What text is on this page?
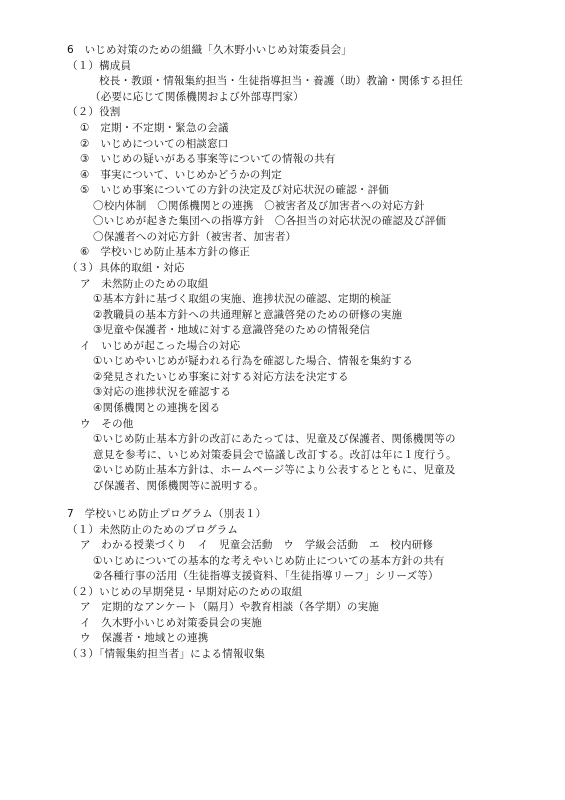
6　いじめ対策のための組織「久木野小いじめ対策委員会」
（１）構成員
校長・教頭・情報集約担当・生徒指導担当・養護（助）教諭・関係する担任
（必要に応じて関係機関および外部専門家）
（２）役割
①　定期・不定期・緊急の会議
②　いじめについての相談窓口
③　いじめの疑いがある事案等についての情報の共有
④　事実について、いじめかどうかの判定
⑤　いじめ事案についての方針の決定及び対応状況の確認・評価
〇校内体制　〇関係機関との連携　〇被害者及び加害者への対応方針
〇いじめが起きた集団への指導方針　〇各担当の対応状況の確認及び評価
〇保護者への対応方針（被害者、加害者）
⑥　学校いじめ防止基本方針の修正
（３）具体的取組・対応
ア　未然防止のための取組
①基本方針に基づく取組の実施、進捗状況の確認、定期的検証
②教職員の基本方針への共通理解と意識啓発のための研修の実施
③児童や保護者・地域に対する意識啓発のための情報発信
イ　いじめが起こった場合の対応
①いじめやいじめが疑われる行為を確認した場合、情報を集約する
②発見されたいじめ事案に対する対応方法を決定する
③対応の進捗状況を確認する
④関係機関との連携を図る
ウ　その他
①いじめ防止基本方針の改訂にあたっては、児童及び保護者、関係機関等の
意見を参考に、いじめ対策委員会で協議し改訂する。改訂は年に１度行う。
②いじめ防止基本方針は、ホームページ等により公表するとともに、児童及
び保護者、関係機関等に説明する。
7　学校いじめ防止プログラム（別表１）
（１）未然防止のためのプログラム
ア　わかる授業づくり　イ　児童会活動　ウ　学級会活動　エ　校内研修
①いじめについての基本的な考えやいじめ防止についての基本方針の共有
②各種行事の活用（生徒指導支援資料、「生徒指導リーフ」シリーズ等）
（２）いじめの早期発見・早期対応のための取組
ア　定期的なアンケート（隔月）や教育相談（各学期）の実施
イ　久木野小いじめ対策委員会の実施
ウ　保護者・地域との連携
（３）「情報集約担当者」による情報収集
